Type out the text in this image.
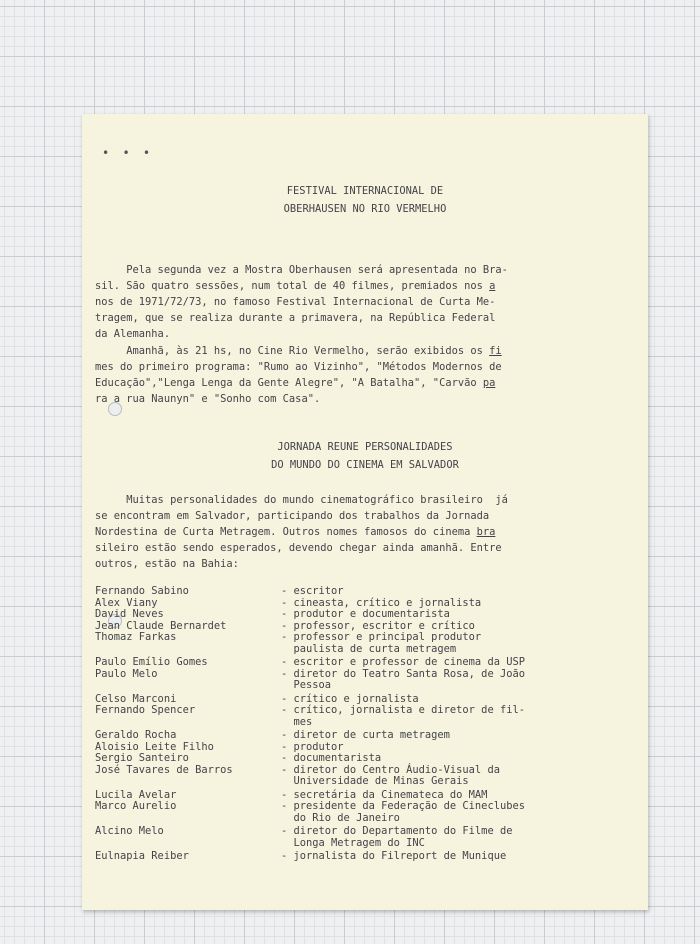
• • •

FESTIVAL INTERNACIONAL DE

OBERHAUSEN NO RIO VERMELHO

Pela segunda vez a Mostra Oberhausen será apresentada no Bra-
sil. São quatro sessões, num total de 40 filmes, premiados nos a
nos de 1971/72/73, no famoso Festival Internacional de Curta Me-
tragem, que se realiza durante a primavera, na República Federal
da Alemanha.
Amanhã, às 21 hs, no Cine Rio Vermelho, serão exibidos os fi
mes do primeiro programa: "Rumo ao Vizinho", "Métodos Modernos de
Educação","Lenga Lenga da Gente Alegre", "A Batalha", "Carvão pa
ra a rua Naunyn" e "Sonho com Casa".

JORNADA REUNE PERSONALIDADES

DO MUNDO DO CINEMA EM SALVADOR

Muitas personalidades do mundo cinematográfico brasileiro  já
se encontram em Salvador, participando dos trabalhos da Jornada
Nordestina de Curta Metragem. Outros nomes famosos do cinema bra
sileiro estão sendo esperados, devendo chegar ainda amanhã. Entre
outros, estão na Bahia:
Fernando Sabino	- escritor
Alex Viany	- cineasta, crítico e jornalista
David Neves	- produtor e documentarista
Jean Claude Bernardet	- professor, escritor e crítico
Thomaz Farkas	- professor e principal produtor
paulista de curta metragem
Paulo Emílio Gomes	- escritor e professor de cinema da USP
Paulo Melo	- diretor do Teatro Santa Rosa, de João
Pessoa
Celso Marconi	- crítico e jornalista
Fernando Spencer	- crítico, jornalista e diretor de fil-
mes
Geraldo Rocha	- diretor de curta metragem
Aloisio Leite Filho	- produtor
Sergio Santeiro	- documentarista
José Tavares de Barros	- diretor do Centro Áudio-Visual da
Universidade de Minas Gerais
Lucila Avelar	- secretária da Cinemateca do MAM
Marco Aurelio	- presidente da Federação de Cineclubes
do Rio de Janeiro
Alcino Melo	- diretor do Departamento do Filme de
Longa Metragem do INC
Eulnapia Reiber	- jornalista do Filreport de Munique
